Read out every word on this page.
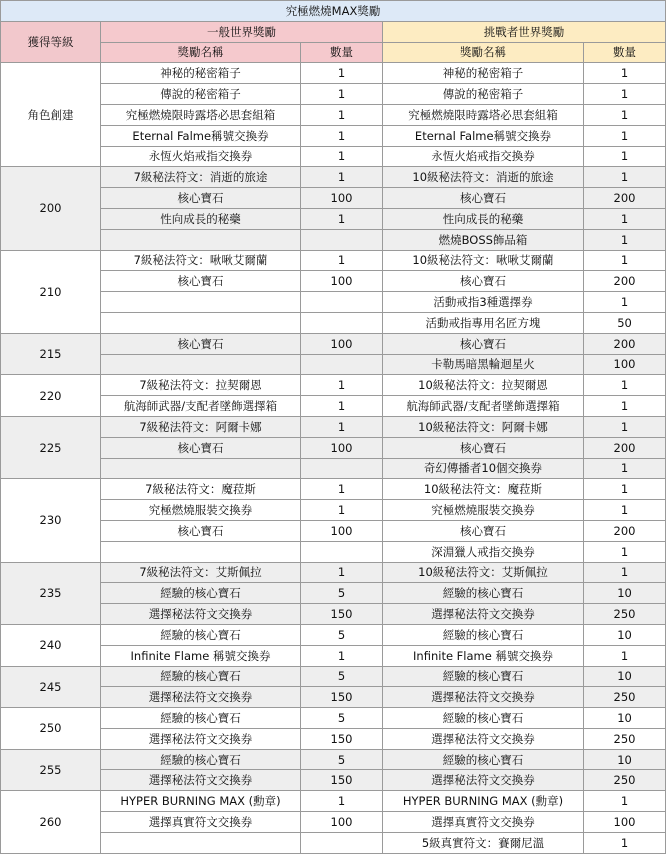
究極燃燒MAX獎勵				
獲得等級	一般世界獎勵		挑戰者世界獎勵	
	獎勵名稱	數量	獎勵名稱	數量
角色創建	神秘的秘密箱子	1	神秘的秘密箱子	1
	傳說的秘密箱子	1	傳說的秘密箱子	1
	究極燃燒限時露塔必思套組箱	1	究極燃燒限時露塔必思套組箱	1
	Eternal Falme稱號交換券	1	Eternal Falme稱號交換券	1
	永恆火焰戒指交換券	1	永恆火焰戒指交換券	1
200	7級秘法符文：消逝的旅途	1	10級秘法符文：消逝的旅途	1
	核心寶石	100	核心寶石	200
	性向成長的秘藥	1	性向成長的秘藥	1
			燃燒BOSS飾品箱	1
210	7級秘法符文：啾啾艾爾蘭	1	10級秘法符文：啾啾艾爾蘭	1
	核心寶石	100	核心寶石	200
			活動戒指3種選擇券	1
			活動戒指專用名匠方塊	50
215	核心寶石	100	核心寶石	200
			卡勒馬暗黑輪迴星火	100
220	7級秘法符文：拉契爾恩	1	10級秘法符文：拉契爾恩	1
	航海師武器/支配者墜飾選擇箱	1	航海師武器/支配者墜飾選擇箱	1
225	7級秘法符文：阿爾卡娜	1	10級秘法符文：阿爾卡娜	1
	核心寶石	100	核心寶石	200
			奇幻傳播者10個交換券	1
230	7級秘法符文：魔菈斯	1	10級秘法符文：魔菈斯	1
	究極燃燒服裝交換券	1	究極燃燒服裝交換券	1
	核心寶石	100	核心寶石	200
			深淵獵人戒指交換券	1
235	7級秘法符文：艾斯佩拉	1	10級秘法符文：艾斯佩拉	1
	經驗的核心寶石	5	經驗的核心寶石	10
	選擇秘法符文交換券	150	選擇秘法符文交換券	250
240	經驗的核心寶石	5	經驗的核心寶石	10
	Infinite Flame 稱號交換券	1	Infinite Flame 稱號交換券	1
245	經驗的核心寶石	5	經驗的核心寶石	10
	選擇秘法符文交換券	150	選擇秘法符文交換券	250
250	經驗的核心寶石	5	經驗的核心寶石	10
	選擇秘法符文交換券	150	選擇秘法符文交換券	250
255	經驗的核心寶石	5	經驗的核心寶石	10
	選擇秘法符文交換券	150	選擇秘法符文交換券	250
260	HYPER BURNING MAX (勳章)	1	HYPER BURNING MAX (勳章)	1
	選擇真實符文交換券	100	選擇真實符文交換券	100
			5級真實符文：賽爾尼溫	1
